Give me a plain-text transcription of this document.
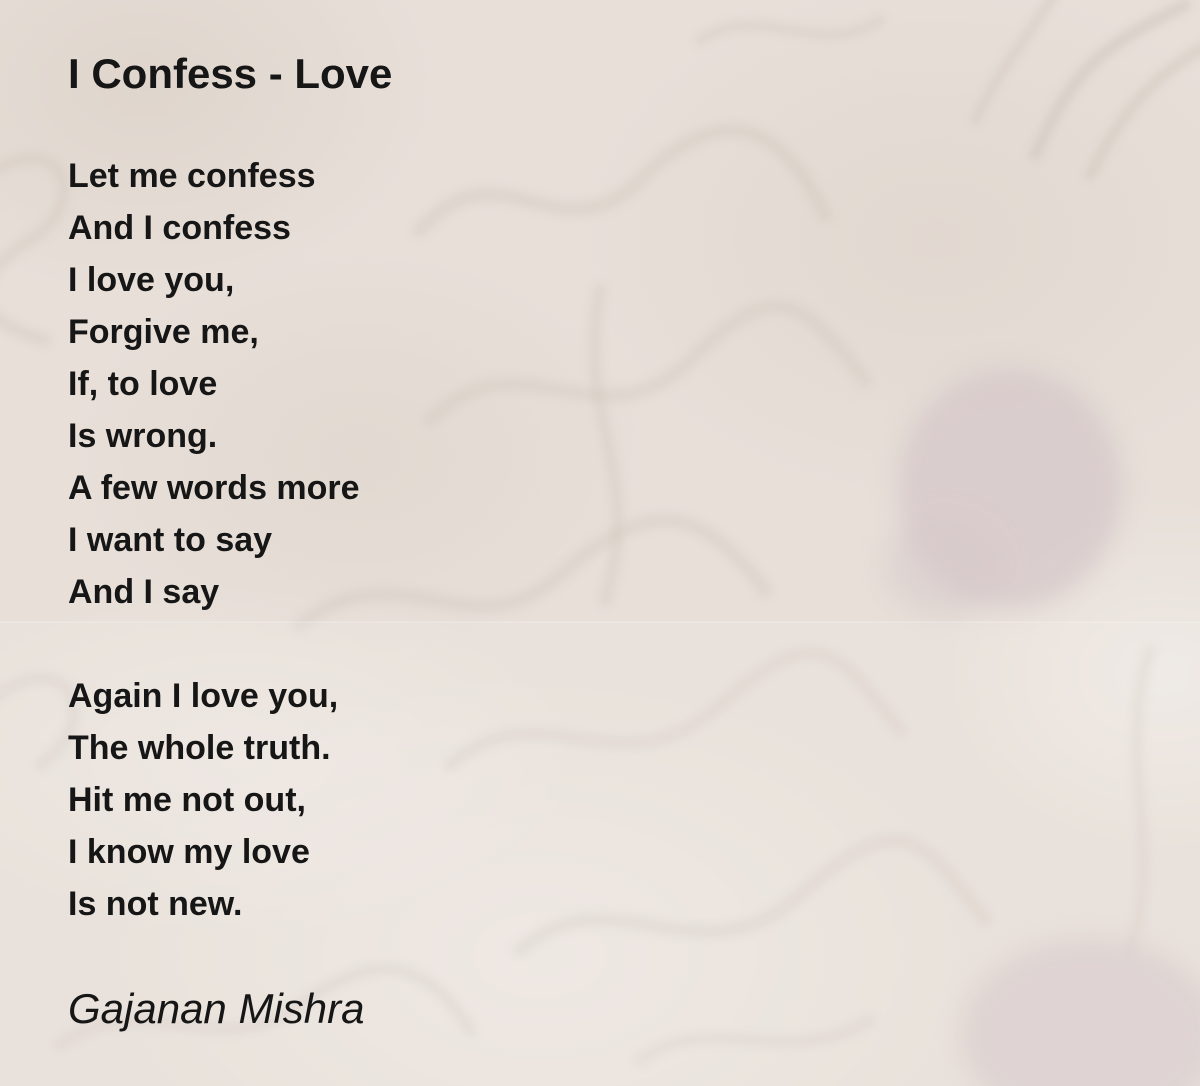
I Confess - Love
Let me confess
And I confess
I love you,
Forgive me,
If, to love
Is wrong.
A few words more
I want to say
And I say
Again I love you,
The whole truth.
Hit me not out,
I know my love
Is not new.
Gajanan Mishra
